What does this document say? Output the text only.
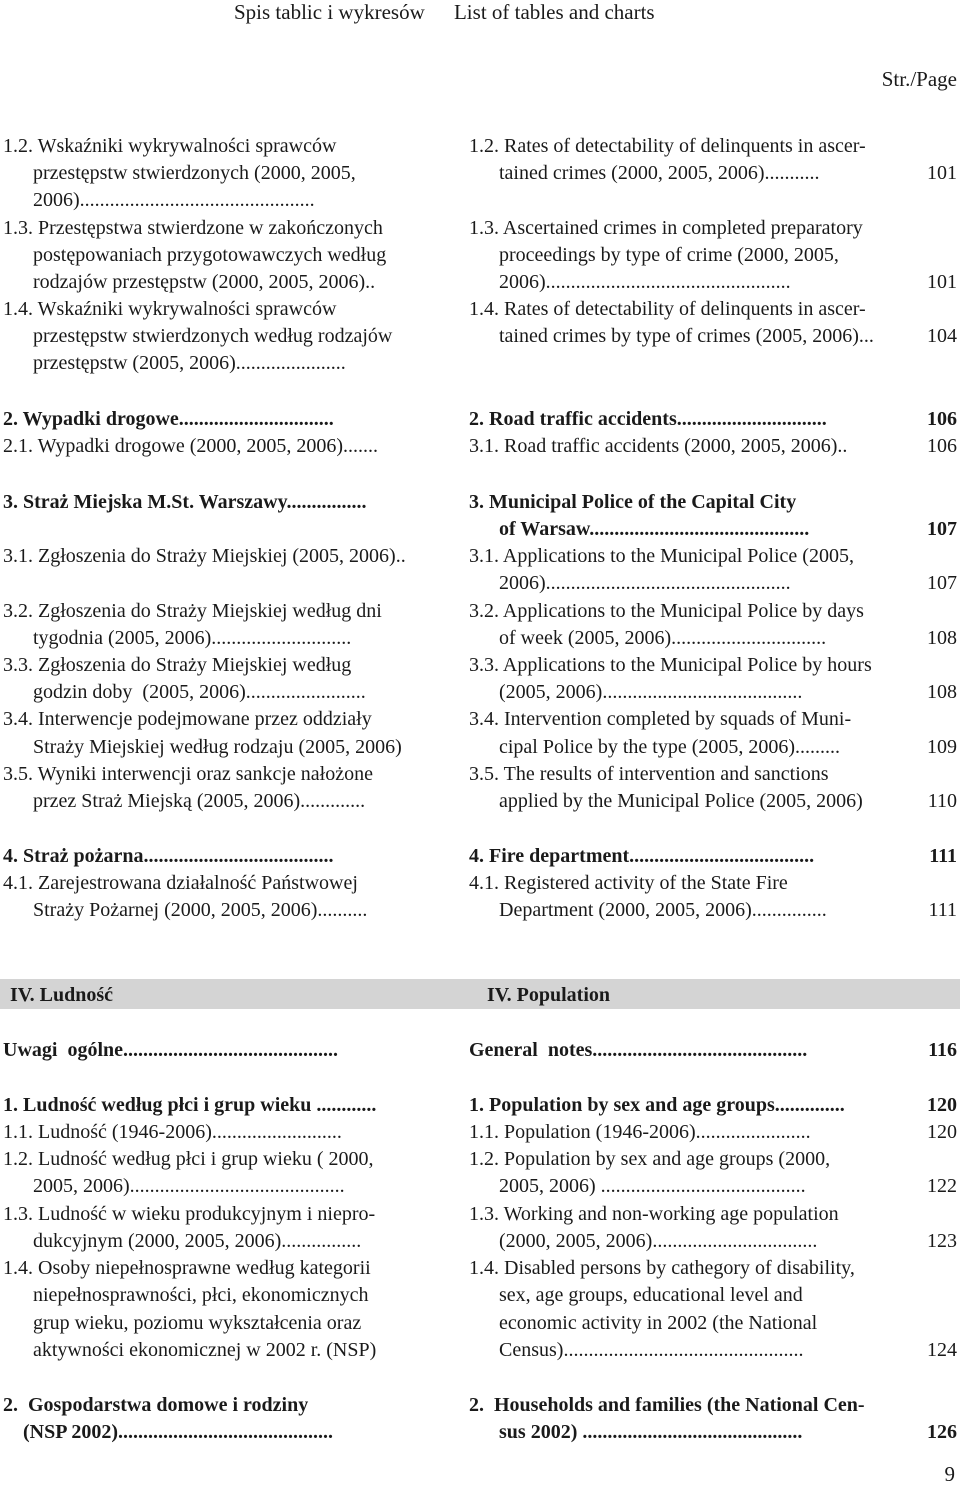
Spis tablic i wykresów List of tables and charts
Str./Page
IV. Ludność	IV. Population
1.2. Wskaźniki wykrywalności sprawców	1.2. Rates of detectability of delinquents in ascer-
przestępstw stwierdzonych (2000, 2005,	tained crimes (2000, 2005, 2006)...........	101
2006)...............................................
1.3. Przestępstwa stwierdzone w zakończonych	1.3. Ascertained crimes in completed preparatory
postępowaniach przygotowawczych według	proceedings by type of crime (2000, 2005,
rodzajów przestępstw (2000, 2005, 2006)..	2006).................................................	101
1.4. Wskaźniki wykrywalności sprawców	1.4. Rates of detectability of delinquents in ascer-
przestępstw stwierdzonych według rodzajów	tained crimes by type of crimes (2005, 2006)...	104
przestępstw (2005, 2006)......................
2. Wypadki drogowe...............................	2. Road traffic accidents..............................	106
2.1. Wypadki drogowe (2000, 2005, 2006).......	3.1. Road traffic accidents (2000, 2005, 2006)..	106
3. Straż Miejska M.St. Warszawy................	3. Municipal Police of the Capital City
of Warsaw............................................	107
3.1. Zgłoszenia do Straży Miejskiej (2005, 2006)..	3.1. Applications to the Municipal Police (2005,
2006).................................................	107
3.2. Zgłoszenia do Straży Miejskiej według dni	3.2. Applications to the Municipal Police by days
tygodnia (2005, 2006)............................	of week (2005, 2006)...............................	108
3.3. Zgłoszenia do Straży Miejskiej według	3.3. Applications to the Municipal Police by hours
godzin doby  (2005, 2006)........................	(2005, 2006)........................................	108
3.4. Interwencje podejmowane przez oddziały	3.4. Intervention completed by squads of Muni-
Straży Miejskiej według rodzaju (2005, 2006)	cipal Police by the type (2005, 2006).........	109
3.5. Wyniki interwencji oraz sankcje nałożone	3.5. The results of intervention and sanctions
przez Straż Miejską (2005, 2006).............	applied by the Municipal Police (2005, 2006)	110
4. Straż pożarna......................................	4. Fire department.....................................	111
4.1. Zarejestrowana działalność Państwowej	4.1. Registered activity of the State Fire
Straży Pożarnej (2000, 2005, 2006)..........	Department (2000, 2005, 2006)...............	111
Uwagi  ogólne...........................................	General  notes...........................................	116
1. Ludność według płci i grup wieku ............	1. Population by sex and age groups..............	120
1.1. Ludność (1946-2006)..........................	1.1. Population (1946-2006).......................	120
1.2. Ludność według płci i grup wieku ( 2000,	1.2. Population by sex and age groups (2000,
2005, 2006)...........................................	2005, 2006) .........................................	122
1.3. Ludność w wieku produkcyjnym i niepro-	1.3. Working and non-working age population
dukcyjnym (2000, 2005, 2006)................	(2000, 2005, 2006).................................	123
1.4. Osoby niepełnosprawne według kategorii	1.4. Disabled persons by cathegory of disability,
niepełnosprawności, płci, ekonomicznych	sex, age groups, educational level and
grup wieku, poziomu wykształcenia oraz	economic activity in 2002 (the National
aktywności ekonomicznej w 2002 r. (NSP)	Census)................................................	124
2.  Gospodarstwa domowe i rodziny	2.  Households and families (the National Cen-
(NSP 2002)...........................................	sus 2002) ............................................	126
9
